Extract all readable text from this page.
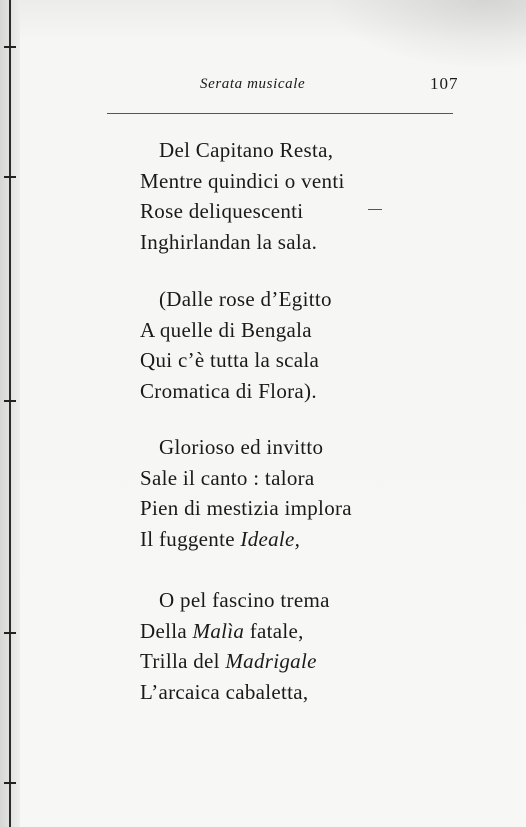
Serata musicale	107
Del Capitano Resta,
Mentre quindici o venti
Rose deliquescenti
Inghirlandan la sala.
(Dalle rose d’Egitto
A quelle di Bengala
Qui c’è tutta la scala
Cromatica di Flora).
Glorioso ed invitto
Sale il canto : talora
Pien di mestizia implora
Il fuggente Ideale,
O pel fascino trema
Della Malìa fatale,
Trilla del Madrigale
L’arcaica cabaletta,
